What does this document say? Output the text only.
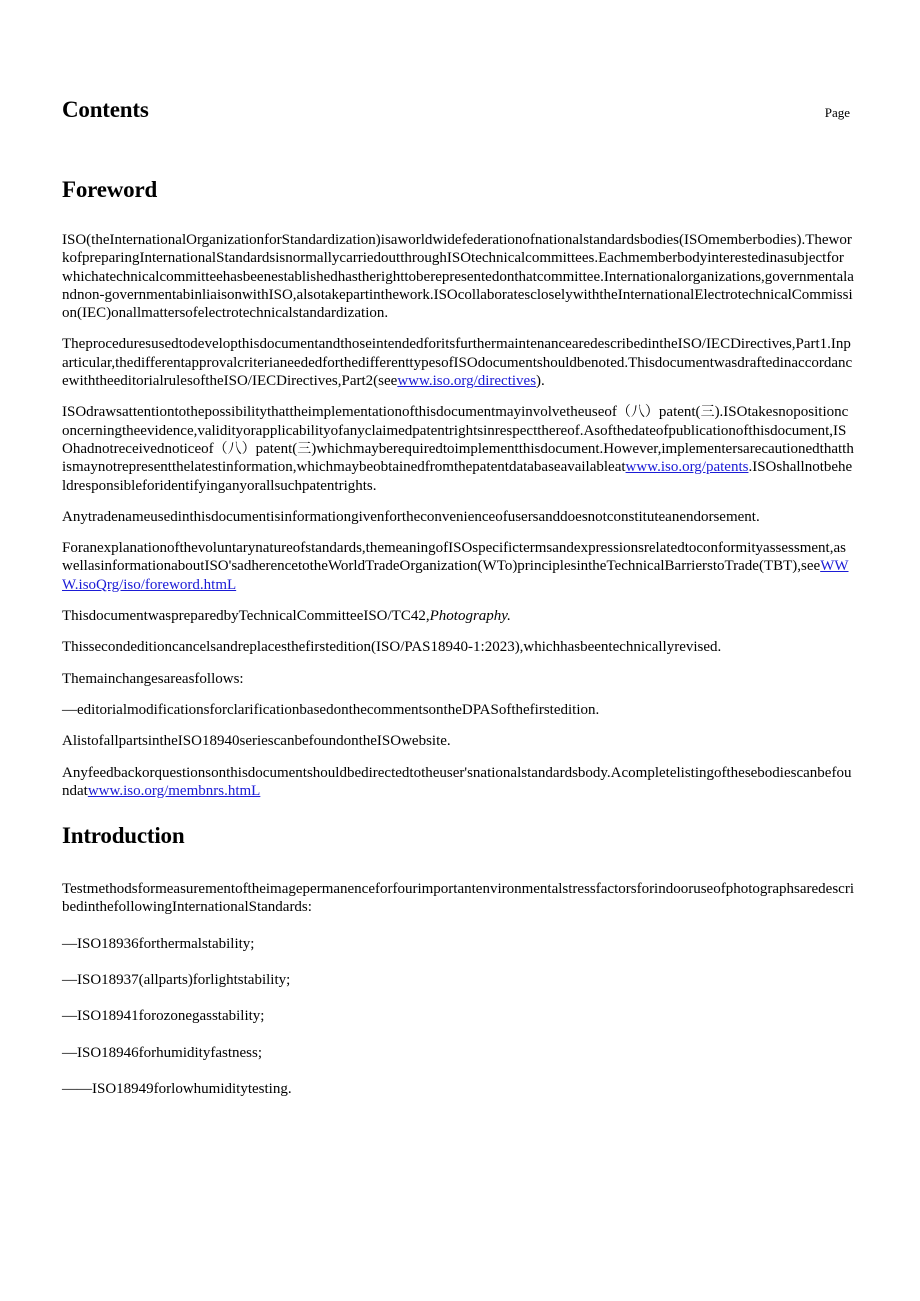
Contents	Page
Foreword

ISO(theInternationalOrganizationforStandardization)isaworldwidefederationofnationalstandardsbodies(ISOmemberbodies).TheworkofpreparingInternationalStandardsisnormallycarriedoutthroughISOtechnicalcommittees.Eachmemberbodyinterestedinasubjectforwhichatechnicalcommitteehasbeenestablishedhastherighttoberepresentedonthatcommittee.Internationalorganizations,governmentalandnon-governmentabinliaisonwithISO,alsotakepartinthework.ISOcollaboratescloselywiththeInternationalElectrotechnicalCommission(IEC)onallmattersofelectrotechnicalstandardization.

TheproceduresusedtodevelopthisdocumentandthoseintendedforitsfurthermaintenancearedescribedintheISO/IECDirectives,Part1.Inparticular,thedifferentapprovalcriterianeededforthedifferenttypesofISOdocumentshouldbenoted.ThisdocumentwasdraftedinaccordancewiththeeditorialrulesoftheISO/IECDirectives,Part2(seewww.iso.org/directives).

ISOdrawsattentiontothepossibilitythattheimplementationofthisdocumentmayinvolvetheuseof（八）patent(三).ISOtakesnopositionconcerningtheevidence,validityorapplicabilityofanyclaimedpatentrightsinrespectthereof.Asofthedateofpublicationofthisdocument,ISOhadnotreceivednoticeof（八）patent(三)whichmayberequiredtoimplementthisdocument.However,implementersarecautionedthatthismaynotrepresentthelatestinformation,whichmaybeobtainedfromthepatentdatabaseavailableatwww.iso.org/patents.ISOshallnotbeheldresponsibleforidentifyinganyorallsuchpatentrights.

Anytradenameusedinthisdocumentisinformationgivenfortheconvenienceofusersanddoesnotconstituteanendorsement.

Foranexplanationofthevoluntarynatureofstandards,themeaningofISOspecifictermsandexpressionsrelatedtoconformityassessment,aswellasinformationaboutISO'sadherencetotheWorldTradeOrganization(WTo)principlesintheTechnicalBarrierstoTrade(TBT),seeWWW.isoQrg/iso/foreword.htmL

ThisdocumentwaspreparedbyTechnicalCommitteeISO/TC42,Photography.

Thissecondeditioncancelsandreplacesthefirstedition(ISO/PAS18940-1:2023),whichhasbeentechnicallyrevised.

Themainchangesareasfollows:

—editorialmodificationsforclarificationbasedonthecommentsontheDPASofthefirstedition.

AlistofallpartsintheISO18940seriescanbefoundontheISOwebsite.

Anyfeedbackorquestionsonthisdocumentshouldbedirectedtotheuser'snationalstandardsbody.Acompletelistingofthesebodiescanbefoundatwww.iso.org/membnrs.htmL

Introduction

TestmethodsformeasurementoftheimagepermanenceforfourimportantenvironmentalstressfactorsforindooruseofphotographsaredescribedinthefollowingInternationalStandards:

—ISO18936forthermalstability;

—ISO18937(allparts)forlightstability;

—ISO18941forozonegasstability;

—ISO18946forhumidityfastness;

——ISO18949forlowhumiditytesting.
